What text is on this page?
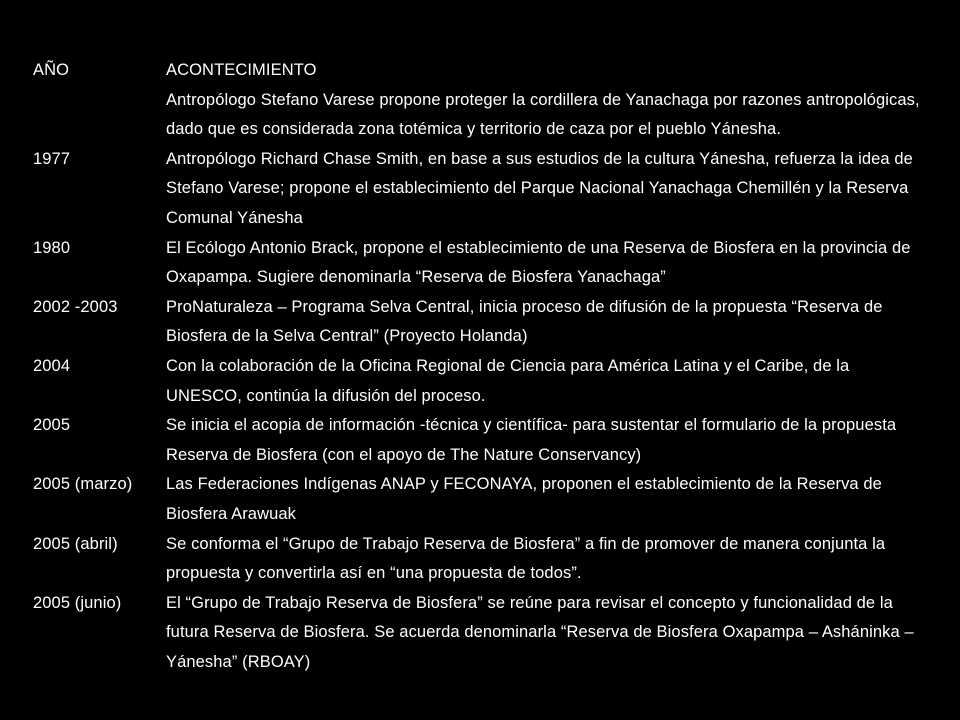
AÑO	ACONTECIMIENTO
	Antropólogo Stefano Varese propone proteger la cordillera de Yanachaga por razones antropológicas, dado que es considerada zona totémica y territorio de caza por el pueblo Yánesha.
1977	Antropólogo Richard Chase Smith, en base a sus estudios de la cultura Yánesha, refuerza la idea de Stefano Varese; propone el establecimiento del Parque Nacional Yanachaga Chemillén y la Reserva Comunal Yánesha
1980	El Ecólogo Antonio Brack, propone el establecimiento de una Reserva de Biosfera en la provincia de Oxapampa. Sugiere denominarla “Reserva de Biosfera Yanachaga”
2002 -2003	ProNaturaleza – Programa Selva Central, inicia proceso de difusión de la propuesta “Reserva de Biosfera de la Selva Central” (Proyecto Holanda)
2004	Con la colaboración de la Oficina Regional de Ciencia para América Latina y el Caribe, de la UNESCO, continúa la difusión del proceso.
2005	Se inicia el acopia de información -técnica y científica- para sustentar el formulario de la propuesta Reserva de Biosfera (con el apoyo de The Nature Conservancy)
2005 (marzo)	Las Federaciones Indígenas ANAP y FECONAYA, proponen el establecimiento de la Reserva de Biosfera Arawuak
2005 (abril)	Se conforma el “Grupo de Trabajo Reserva de Biosfera” a fin de promover de manera conjunta la propuesta y convertirla así en “una propuesta de todos”.
2005 (junio)	El “Grupo de Trabajo Reserva de Biosfera” se reúne para revisar el concepto y funcionalidad de la futura Reserva de Biosfera. Se acuerda denominarla “Reserva de Biosfera Oxapampa – Asháninka – Yánesha” (RBOAY)
